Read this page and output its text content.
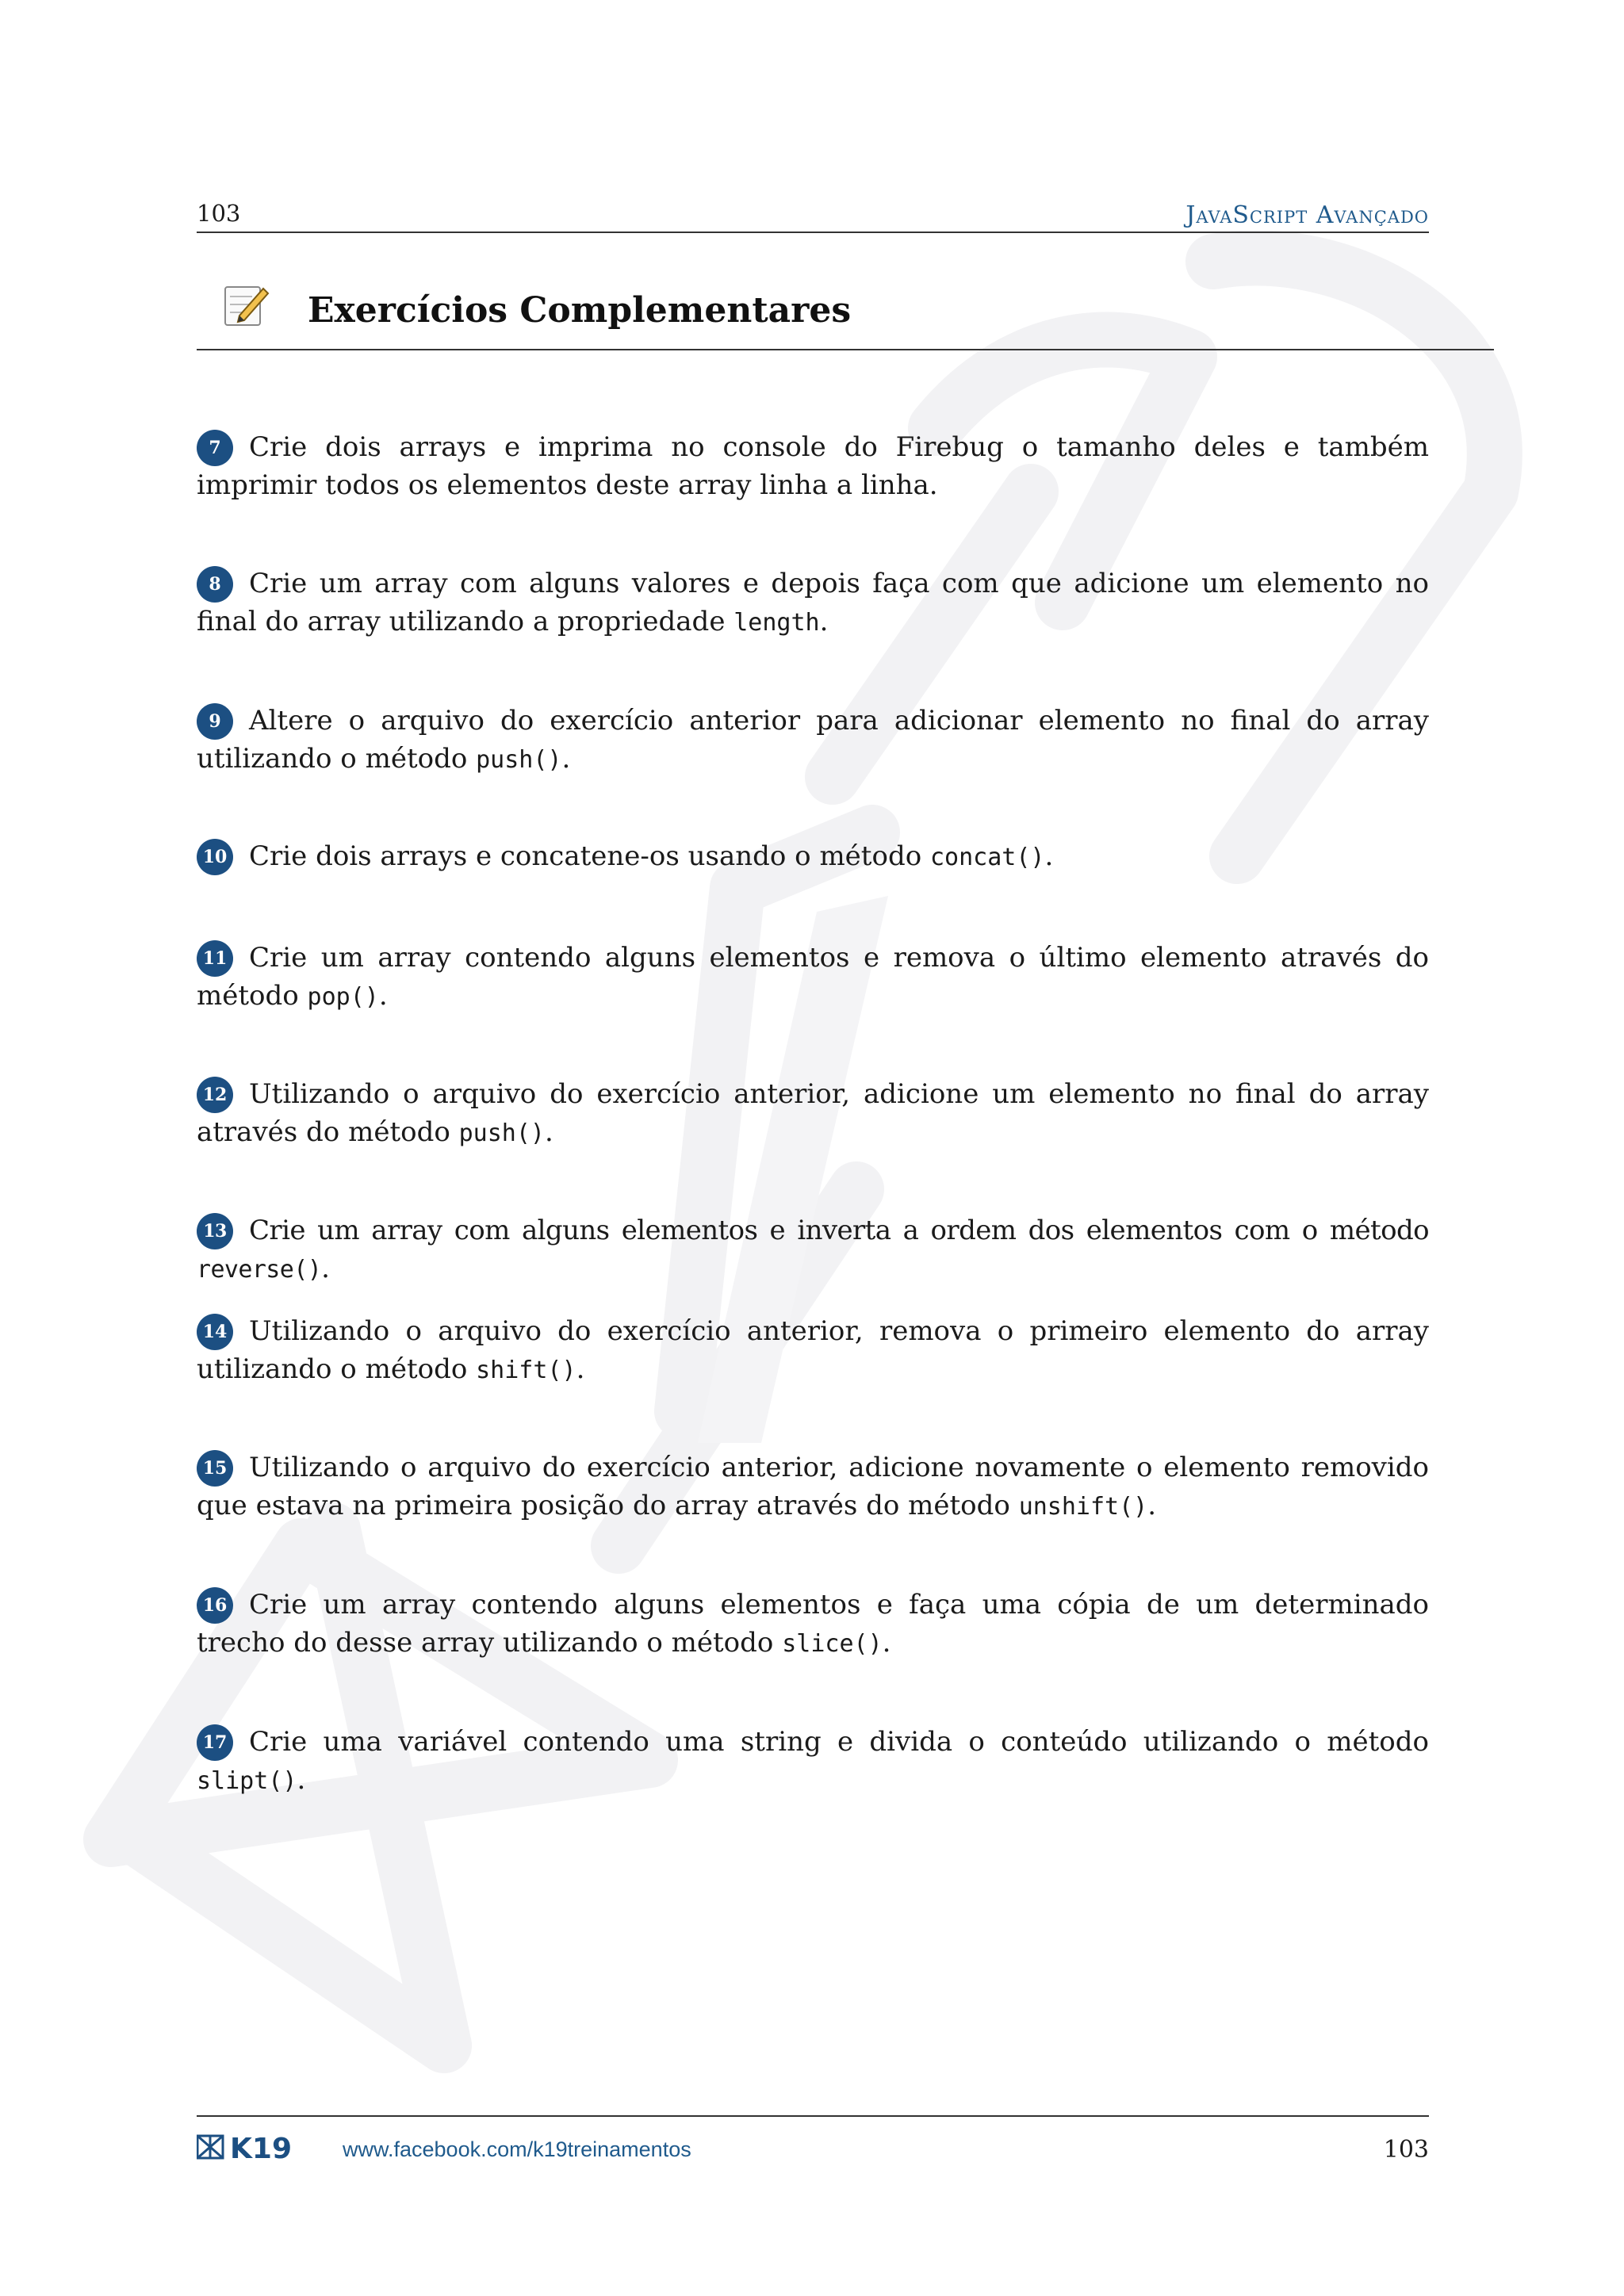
103	JavaScript Avançado
Exercícios Complementares
7 Crie dois arrays e imprima no console do Firebug o tamanho deles e também imprimir todos os elementos deste array linha a linha.
8 Crie um array com alguns valores e depois faça com que adicione um elemento no final do array utilizando a propriedade length.
9 Altere o arquivo do exercício anterior para adicionar elemento no final do array utilizando o método push().
10 Crie dois arrays e concatene-os usando o método concat().
11 Crie um array contendo alguns elementos e remova o último elemento através do método pop().
12 Utilizando o arquivo do exercício anterior, adicione um elemento no final do array através do método push().
13 Crie um array com alguns elementos e inverta a ordem dos elementos com o método reverse().
14 Utilizando o arquivo do exercício anterior, remova o primeiro elemento do array utilizando o método shift().
15 Utilizando o arquivo do exercício anterior, adicione novamente o elemento removido que estava na primeira posição do array através do método unshift().
16 Crie um array contendo alguns elementos e faça uma cópia de um determinado trecho do desse array utilizando o método slice().
17 Crie uma variável contendo uma string e divida o conteúdo utilizando o método slipt().
K19 www.facebook.com/k19treinamentos	103
